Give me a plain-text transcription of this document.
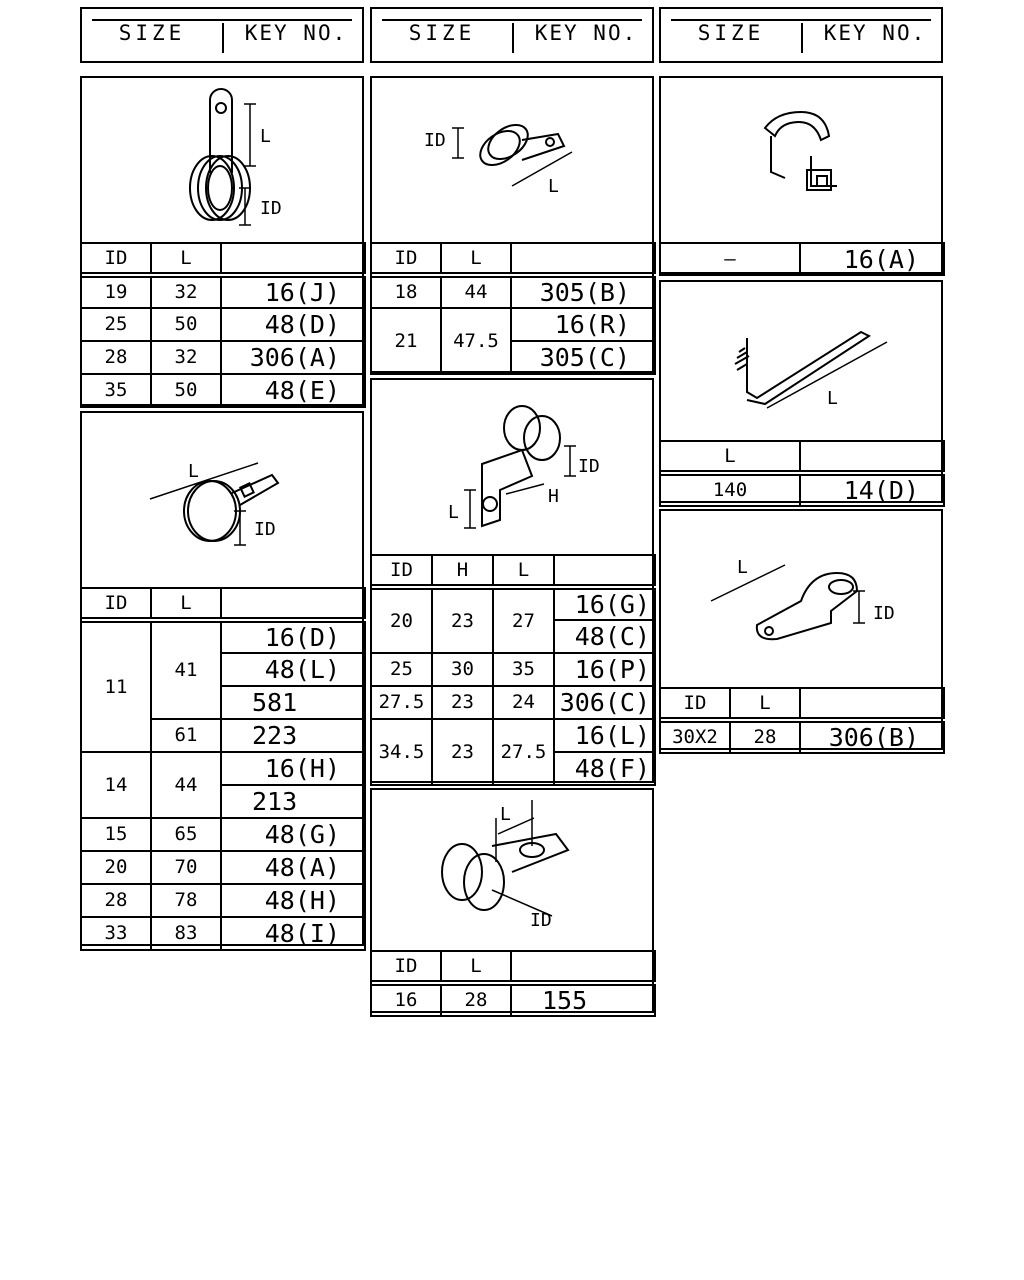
SIZE	KEY NO.	SIZE	KEY NO.	SIZE	KEY NO.
L
ID
ID	L	
19	32	16(J)
25	50	48(D)
28	32	306(A)
35	50	48(E)
L
ID
ID	L	
11	41	16(D)
		48(L)
		581
	61	223
14	44	16(H)
		213
15	65	48(G)
20	70	48(A)
28	78	48(H)
33	83	48(I)
ID
L
ID	L	
18	44	305(B)
21	47.5	16(R)
		305(C)
ID
H
L
ID	H	L	
20	23	27	16(G)
			48(C)
25	30	35	16(P)
27.5	23	24	306(C)
34.5	23	27.5	16(L)
			48(F)
L
ID
ID	L	
16	28	155
—	16(A)
L
L	
140	14(D)
L
ID
ID	L	
30X2	28	306(B)
